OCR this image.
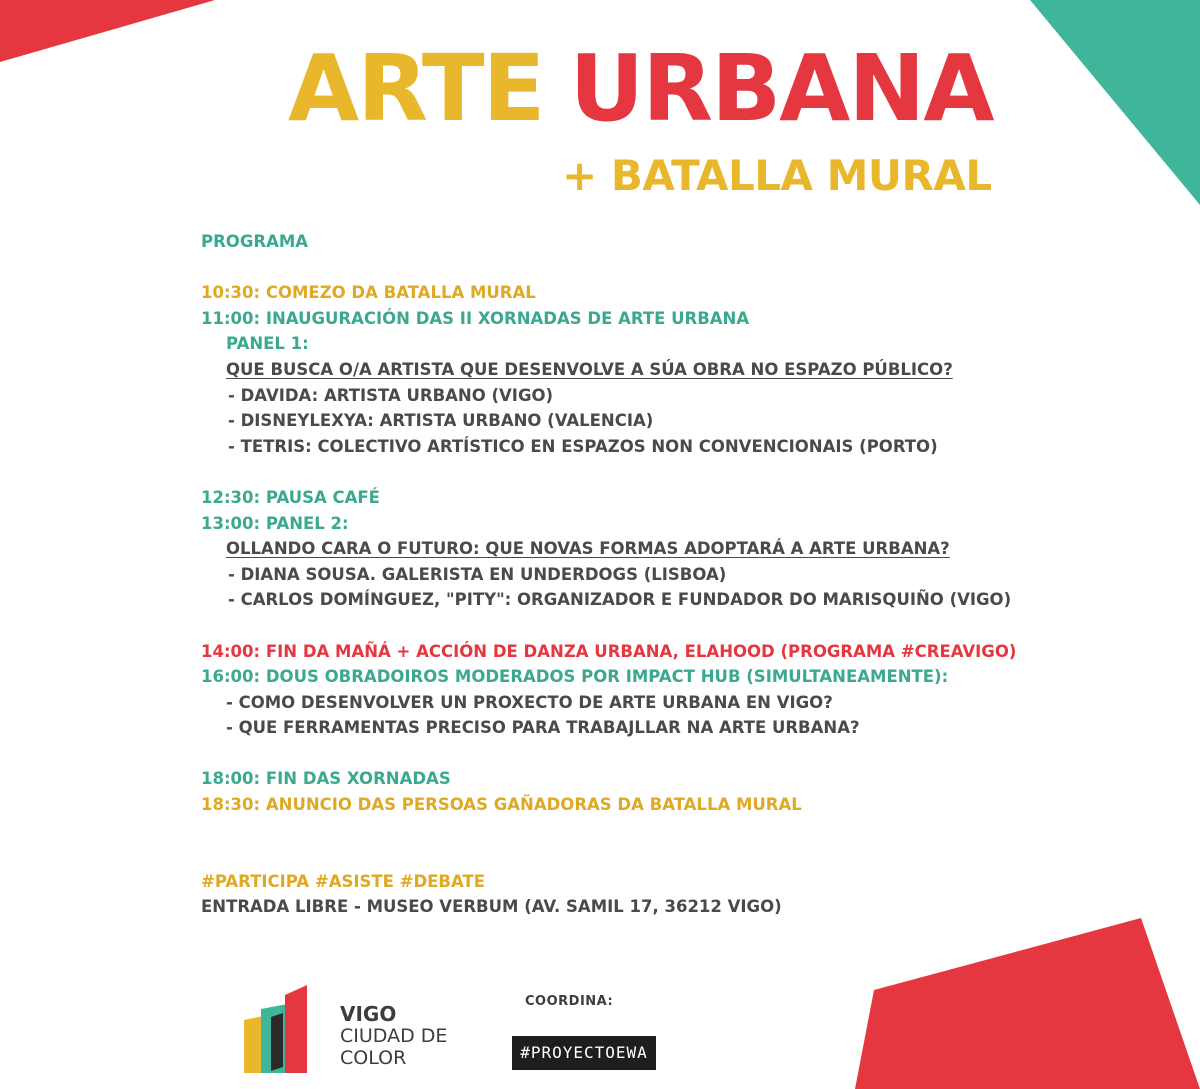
ARTE URBANA
+ BATALLA MURAL
PROGRAMA
10:30: COMEZO DA BATALLA MURAL
11:00: INAUGURACIÓN DAS II XORNADAS DE ARTE URBANA
PANEL 1:
QUE BUSCA O/A ARTISTA QUE DESENVOLVE A SÚA OBRA NO ESPAZO PÚBLICO?
- DAVIDA: ARTISTA URBANO (VIGO)
- DISNEYLEXYA: ARTISTA URBANO (VALENCIA)
- TETRIS: COLECTIVO ARTÍSTICO EN ESPAZOS NON CONVENCIONAIS (PORTO)
12:30: PAUSA CAFÉ
13:00: PANEL 2:
OLLANDO CARA O FUTURO: QUE NOVAS FORMAS ADOPTARÁ A ARTE URBANA?
- DIANA SOUSA. GALERISTA EN UNDERDOGS (LISBOA)
- CARLOS DOMÍNGUEZ, "PITY": ORGANIZADOR E FUNDADOR DO MARISQUIÑO (VIGO)
14:00: FIN DA MAÑÁ + ACCIÓN DE DANZA URBANA, ELAHOOD (PROGRAMA #CREAVIGO)
16:00: DOUS OBRADOIROS MODERADOS POR IMPACT HUB (SIMULTANEAMENTE):
- COMO DESENVOLVER UN PROXECTO DE ARTE URBANA EN VIGO?
- QUE FERRAMENTAS PRECISO PARA TRABAJLLAR NA ARTE URBANA?
18:00: FIN DAS XORNADAS
18:30: ANUNCIO DAS PERSOAS GAÑADORAS DA BATALLA MURAL
#PARTICIPA #ASISTE #DEBATE
ENTRADA LIBRE - MUSEO VERBUM (AV. SAMIL 17, 36212 VIGO)
VIGO
CIUDAD DE
COLOR
COORDINA:
#PROYECTOEWA
